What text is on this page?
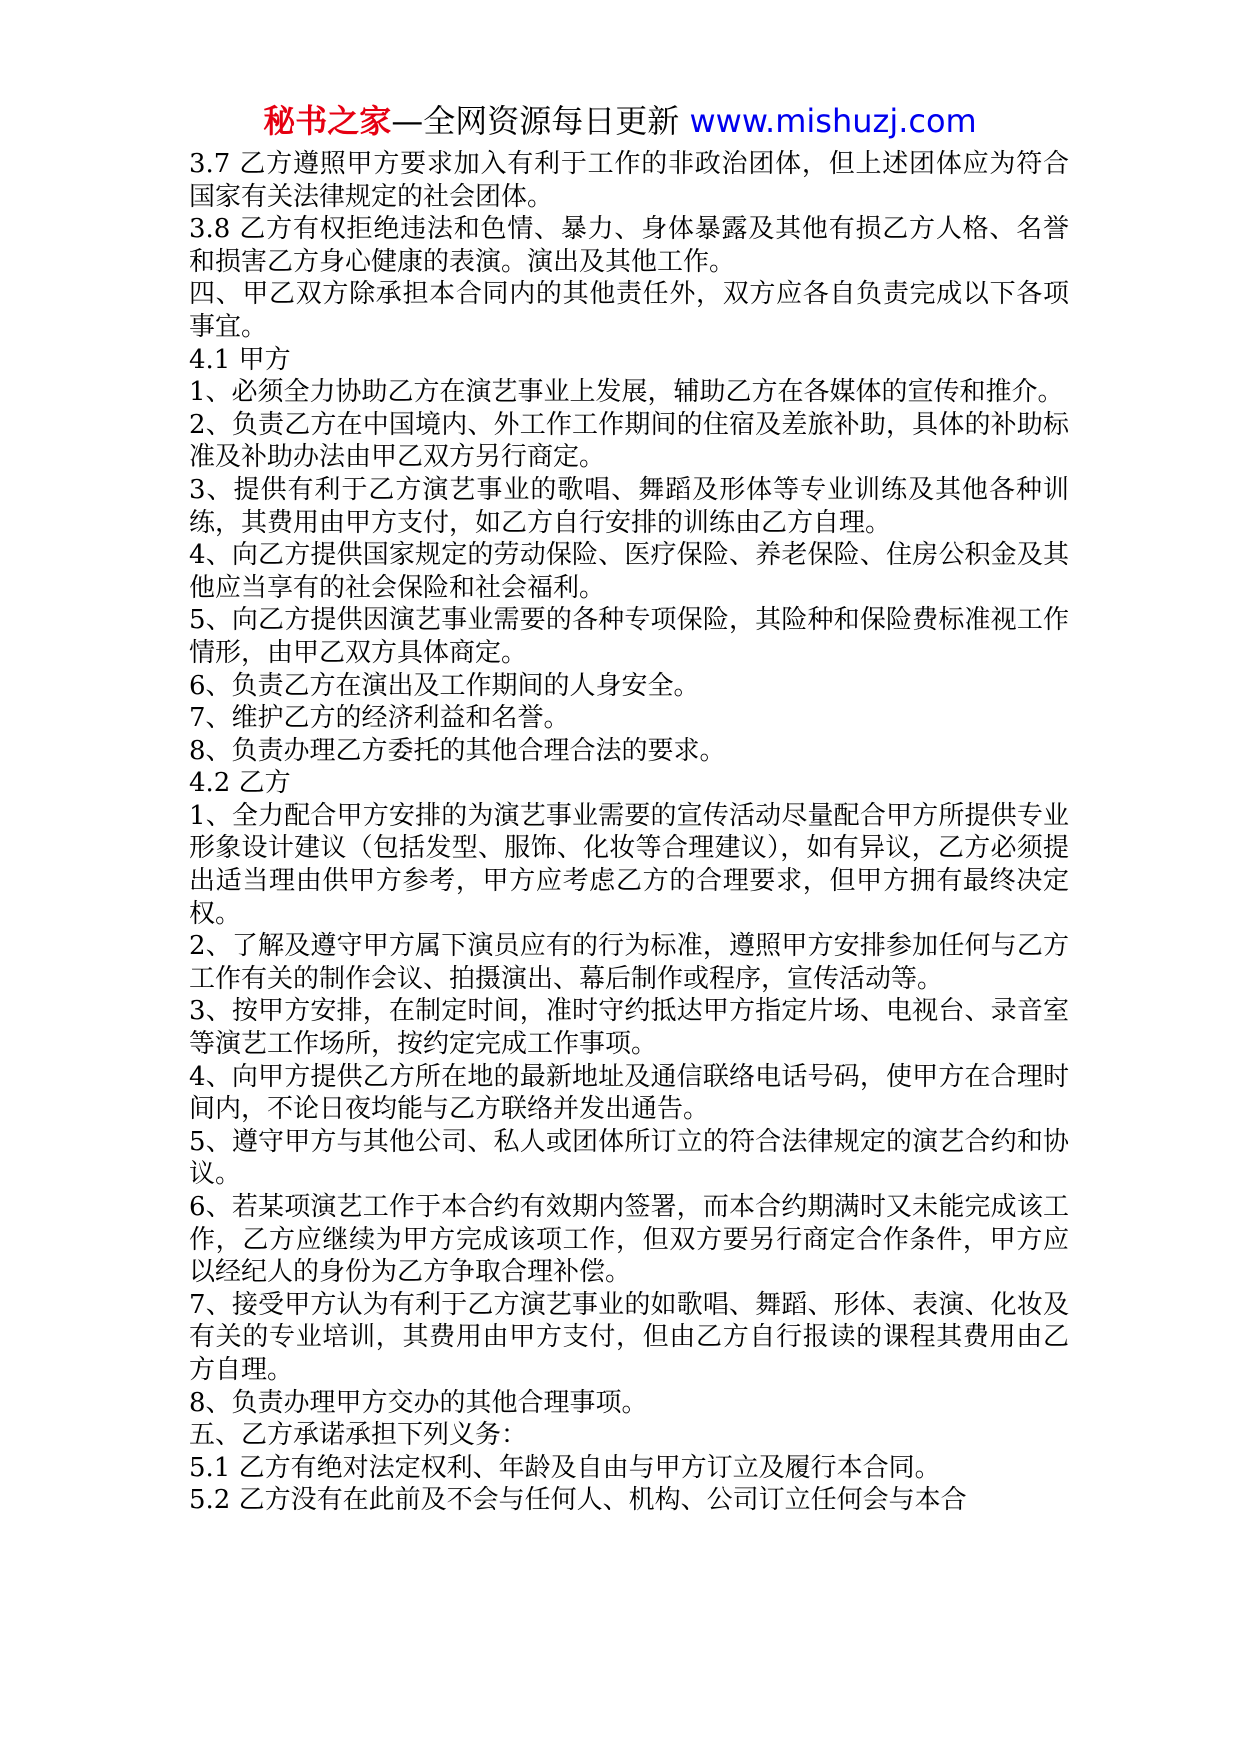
秘书之家—全网资源每日更新 www.mishuzj.com

3.7 乙方遵照甲方要求加入有利于工作的非政治团体，但上述团体应为符合国家有关法律规定的社会团体。

3.8 乙方有权拒绝违法和色情、暴力、身体暴露及其他有损乙方人格、名誉和损害乙方身心健康的表演。演出及其他工作。

四、甲乙双方除承担本合同内的其他责任外，双方应各自负责完成以下各项事宜。

4.1 甲方

1、必须全力协助乙方在演艺事业上发展，辅助乙方在各媒体的宣传和推介。

2、负责乙方在中国境内、外工作工作期间的住宿及差旅补助，具体的补助标准及补助办法由甲乙双方另行商定。

3、提供有利于乙方演艺事业的歌唱、舞蹈及形体等专业训练及其他各种训练，其费用由甲方支付，如乙方自行安排的训练由乙方自理。

4、向乙方提供国家规定的劳动保险、医疗保险、养老保险、住房公积金及其他应当享有的社会保险和社会福利。

5、向乙方提供因演艺事业需要的各种专项保险，其险种和保险费标准视工作情形，由甲乙双方具体商定。

6、负责乙方在演出及工作期间的人身安全。

7、维护乙方的经济利益和名誉。

8、负责办理乙方委托的其他合理合法的要求。

4.2 乙方

1、全力配合甲方安排的为演艺事业需要的宣传活动尽量配合甲方所提供专业形象设计建议（包括发型、服饰、化妆等合理建议），如有异议，乙方必须提出适当理由供甲方参考，甲方应考虑乙方的合理要求，但甲方拥有最终决定权。

2、了解及遵守甲方属下演员应有的行为标准，遵照甲方安排参加任何与乙方工作有关的制作会议、拍摄演出、幕后制作或程序，宣传活动等。

3、按甲方安排，在制定时间，准时守约抵达甲方指定片场、电视台、录音室等演艺工作场所，按约定完成工作事项。

4、向甲方提供乙方所在地的最新地址及通信联络电话号码，使甲方在合理时间内，不论日夜均能与乙方联络并发出通告。

5、遵守甲方与其他公司、私人或团体所订立的符合法律规定的演艺合约和协议。

6、若某项演艺工作于本合约有效期内签署，而本合约期满时又未能完成该工作，乙方应继续为甲方完成该项工作，但双方要另行商定合作条件，甲方应以经纪人的身份为乙方争取合理补偿。

7、接受甲方认为有利于乙方演艺事业的如歌唱、舞蹈、形体、表演、化妆及有关的专业培训，其费用由甲方支付，但由乙方自行报读的课程其费用由乙方自理。

8、负责办理甲方交办的其他合理事项。

五、乙方承诺承担下列义务：

5.1 乙方有绝对法定权利、年龄及自由与甲方订立及履行本合同。

5.2 乙方没有在此前及不会与任何人、机构、公司订立任何会与本合
